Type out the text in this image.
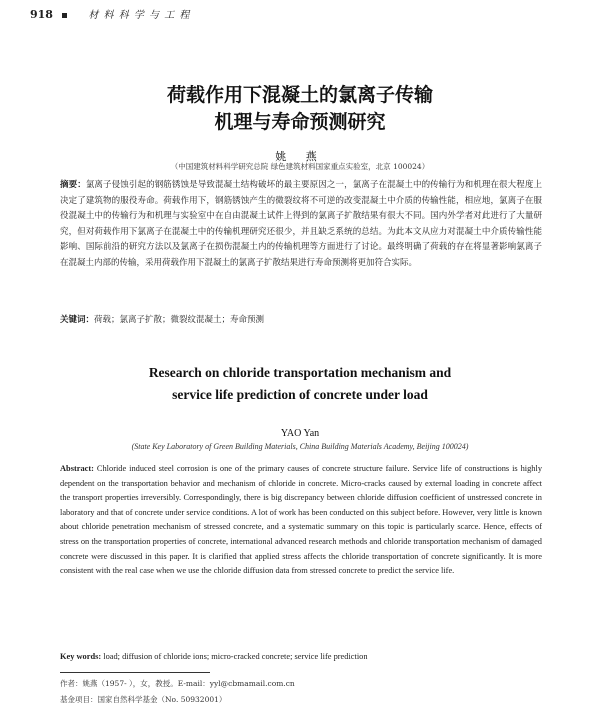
918	材 料 科 学 与 工 程
荷载作用下混凝土的氯离子传输
机理与寿命预测研究
姚 燕
（中国建筑材料科学研究总院 绿色建筑材料国家重点实验室，北京 100024）
摘要：氯离子侵蚀引起的钢筋锈蚀是导致混凝土结构破坏的最主要原因之一，氯离子在混凝土中的传输行为和机理在很大程度上决定了建筑物的服役寿命。荷载作用下，钢筋锈蚀产生的微裂纹将不可逆的改变混凝土中介质的传输性能，相应地，氯离子在服役混凝土中的传输行为和机理与实验室中在自由混凝土试件上得到的氯离子扩散结果有很大不同。国内外学者对此进行了大量研究，但对荷载作用下氯离子在混凝土中的传输机理研究还很少，并且缺乏系统的总结。为此本文从应力对混凝土中介质传输性能影响、国际前沿的研究方法以及氯离子在损伤混凝土内的传输机理等方面进行了讨论。最终明确了荷载的存在将显著影响氯离子在混凝土内部的传输，采用荷载作用下混凝土的氯离子扩散结果进行寿命预测将更加符合实际。
关键词：荷载；氯离子扩散；微裂纹混凝土；寿命预测
Research on chloride transportation mechanism and
service life prediction of concrete under load
YAO Yan
(State Key Laboratory of Green Building Materials, China Building Materials Academy, Beijing 100024)
Abstract: Chloride induced steel corrosion is one of the primary causes of concrete structure failure. Service life of constructions is highly dependent on the transportation behavior and mechanism of chloride in concrete. Micro-cracks caused by external loading in concrete affect the transport properties irreversibly. Correspondingly, there is big discrepancy between chloride diffusion coefficient of unstressed concrete in laboratory and that of concrete under service conditions. A lot of work has been conducted on this subject before. However, very little is known about chloride penetration mechanism of stressed concrete, and a systematic summary on this topic is particularly scarce. Hence, effects of stress on the transportation properties of concrete, international advanced research methods and chloride transportation mechanism of damaged concrete were discussed in this paper. It is clarified that applied stress affects the chloride transportation of concrete significantly. It is more consistent with the real case when we use the chloride diffusion data from stressed concrete to predict the service life.
Key words: load; diffusion of chloride ions; micro-cracked concrete; service life prediction
作者：姚燕（1957- ），女，教授。E-mail：yyl@cbmamail.com.cn
基金项目：国家自然科学基金（No. 50932001）
